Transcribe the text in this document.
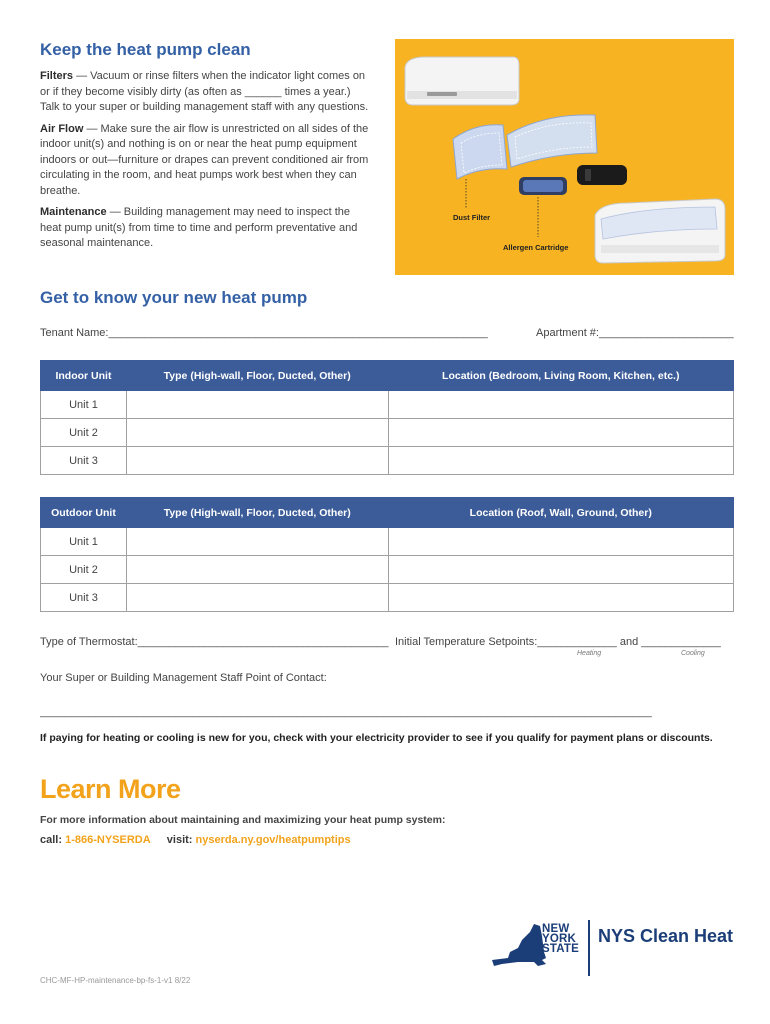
Keep the heat pump clean

Filters — Vacuum or rinse filters when the indicator light comes on or if they become visibly dirty (as often as ______ times a year.) Talk to your super or building management staff with any questions.

Air Flow — Make sure the air flow is unrestricted on all sides of the indoor unit(s) and nothing is on or near the heat pump equipment indoors or out—furniture or drapes can prevent conditioned air from circulating in the room, and heat pumps work best when they can breathe.

Maintenance — Building management may need to inspect the heat pump unit(s) from time to time and perform preventative and seasonal maintenance.

Dust Filter
Allergen Cartridge
Get to know your new heat pump
Tenant Name:______________________________________________________________	Apartment #:______________________
Indoor Unit	Type (High-wall, Floor, Ducted, Other)	Location (Bedroom, Living Room, Kitchen, etc.)
Unit 1		
Unit 2		
Unit 3		
Outdoor Unit	Type (High-wall, Floor, Ducted, Other)	Location (Roof, Wall, Ground, Other)
Unit 1		
Unit 2		
Unit 3		
Type of Thermostat:_________________________________________ Initial Temperature Setpoints:_____________ and _____________
Heating	Cooling
Your Super or Building Management Staff Point of Contact:
____________________________________________________________________________________________________
If paying for heating or cooling is new for you, check with your electricity provider to see if you qualify for payment plans or discounts.
Learn More
For more information about maintaining and maximizing your heat pump system:
call: 1-866-NYSERDA visit: nyserda.ny.gov/heatpumptips
CHC-MF-HP-maintenance-bp-fs-1-v1 8/22
NEW
YORK
STATE
NYS Clean Heat
